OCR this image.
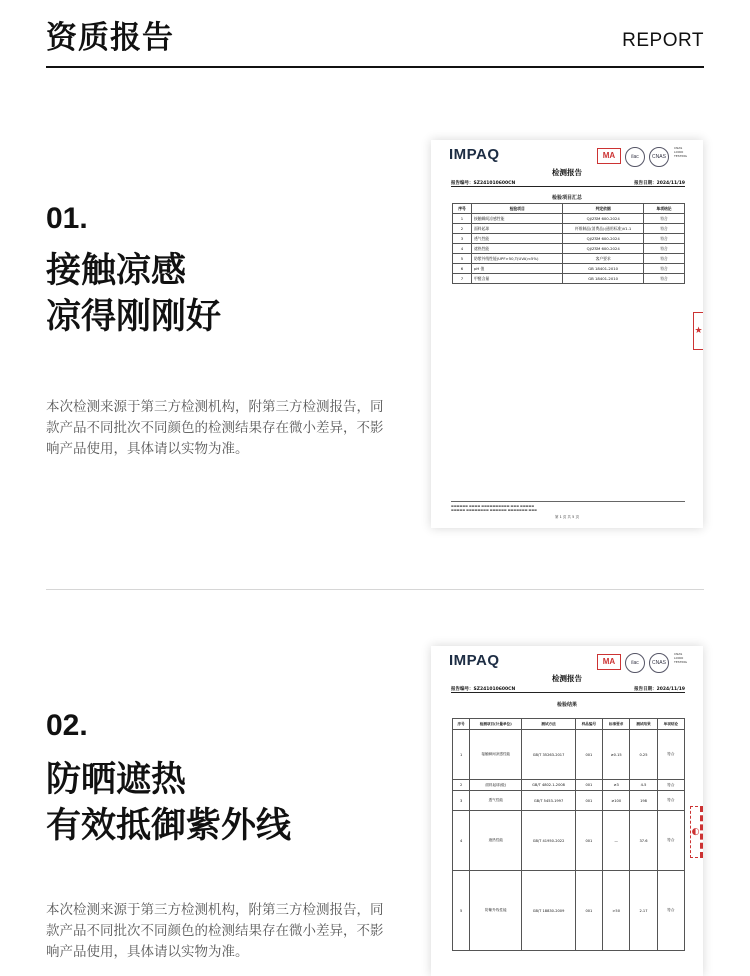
资质报告	REPORT
01.
接触凉感
凉得刚刚好
本次检测来源于第三方检测机构，附第三方检测报告，同款产品不同批次不同颜色的检测结果存在微小差异，不影响产品使用，具体请以实物为准。
IMPAQ	MA	ilac	CNAS
CNAS
L0000
TESTING
检测报告
报告编号：SZ241010600CN	报告日期：2024/11/19
检验项目汇总
序号	检验项目	判定依据	单项结论
1	接触瞬间凉感性能	QJ/ZSM 600-2024	符合
2	面料起球	纤维制品(消费品)(通用标准)V1.1	符合
3	透气性能	QJ/ZSM 600-2024	符合
4	遮热性能	QJ/ZSM 600-2024	符合
5	防紫外线性能(UPF>50,T(UVA)<5%)	客户要求	符合
6	pH 值	GB 18401-2010	符合
7	甲醛含量	GB 18401-2010	符合
★
▬▬▬▬▬▬ ▬▬▬▬ ▬▬▬▬▬▬▬▬▬▬ ▬▬▬ ▬▬▬▬▬
▬▬▬▬▬ ▬▬▬▬▬▬▬▬ ▬▬▬▬▬▬ ▬▬▬▬▬▬▬ ▬▬▬
第 1 页 共 5 页
02.
防晒遮热
有效抵御紫外线
本次检测来源于第三方检测机构，附第三方检测报告，同款产品不同批次不同颜色的检测结果存在微小差异，不影响产品使用，具体请以实物为准。
IMPAQ	MA	ilac	CNAS
CNAS
L0000
TESTING
检测报告
报告编号：SZ241010600CN	报告日期：2024/11/19
检验结果
序号	检测项目(计量单位)	测试方法	样品编号	标准要求	测试结果	单项结论
1	接触瞬间凉感性能	GB/T 35263-2017	001	≥0.15	0.25	符合
2	面料起球(级)	GB/T 4802.1-2008	001	≥3	4-5	符合
3	透气性能	GB/T 5453-1997	001	≥100	198	符合
4	遮热性能	GB/T 41950-2022	001	—	37.6	符合
5	防紫外线性能	GB/T 18830-2009	001	>50	2.17	符合
◐
